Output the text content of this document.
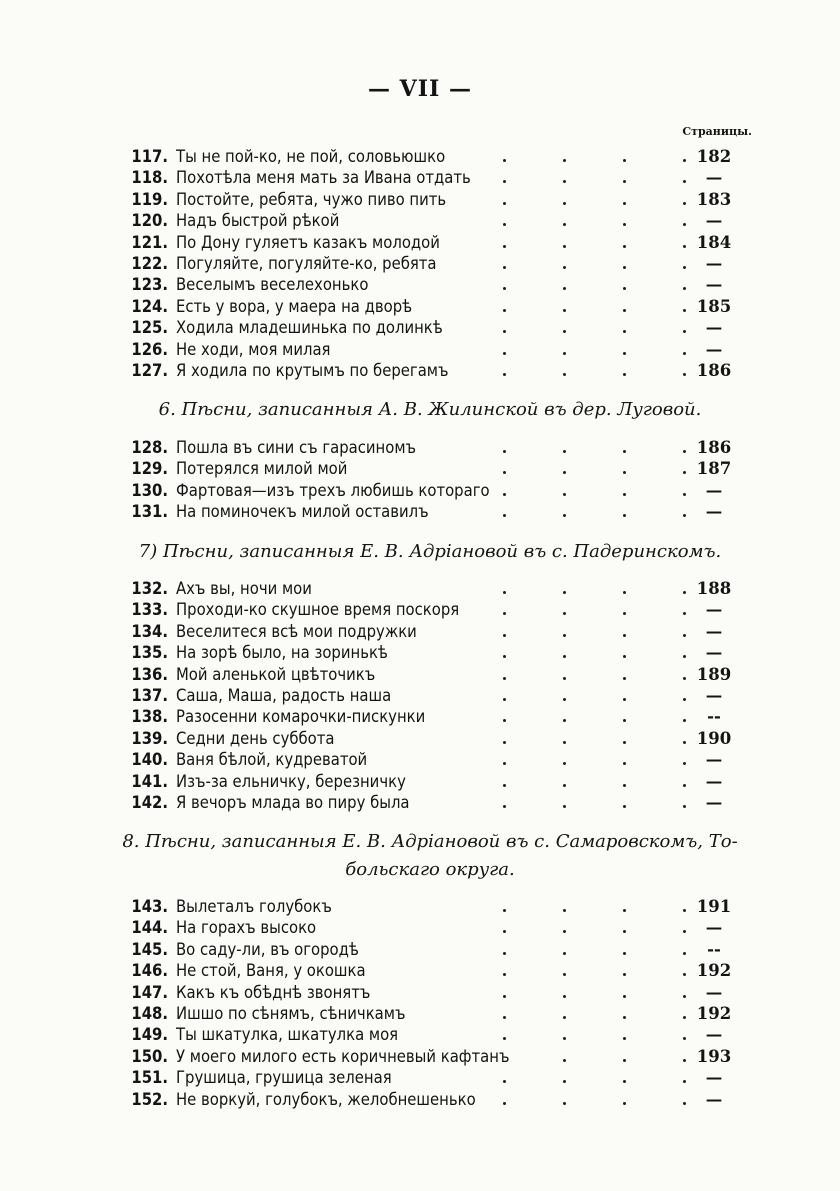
— VII —
Страницы.
117. Ты не пой-ко, не пой, соловьюшко	182
118. Похотѣла меня мать за Ивана отдать	—
119. Постойте, ребята, чужо пиво пить	183
120. Надъ быстрой рѣкой	—
121. По Дону гуляетъ казакъ молодой	184
122. Погуляйте, погуляйте-ко, ребята	—
123. Веселымъ веселехонько	—
124. Есть у вора, у маера на дворѣ	185
125. Ходила младешинька по долинкѣ	—
126. Не ходи, моя милая	—
127. Я ходила по крутымъ по берегамъ	186
6. Пѣсни, записанныя А. В. Жилинской въ дер. Луговой.
128. Пошла въ сини съ гарасиномъ	186
129. Потерялся милой мой	187
130. Фартовая—изъ трехъ любишь котораго	—
131. На поминочекъ милой оставилъ	—
7) Пѣсни, записанныя Е. В. Адріановой въ с. Падеринскомъ.
132. Ахъ вы, ночи мои	188
133. Проходи-ко скушное время поскоря	—
134. Веселитеся всѣ мои подружки	—
135. На зорѣ было, на зоринькѣ	—
136. Мой аленькой цвѣточикъ	189
137. Саша, Маша, радость наша	—
138. Разосенни комарочки-пискунки	--
139. Седни день суббота	190
140. Ваня бѣлой, кудреватой	—
141. Изъ-за ельничку, березничку	—
142. Я вечоръ млада во пиру была	—
8. Пѣсни, записанныя Е. В. Адріановой въ с. Самаровскомъ, То-
больскаго округа.
143. Вылеталъ голубокъ	191
144. На горахъ высоко	—
145. Во саду-ли, въ огородѣ	--
146. Не стой, Ваня, у окошка	192
147. Какъ къ обѣднѣ звонятъ	—
148. Ишшо по сѣнямъ, сѣничкамъ	192
149. Ты шкатулка, шкатулка моя	—
150. У моего милого есть коричневый кафтанъ	193
151. Грушица, грушица зеленая	—
152. Не воркуй, голубокъ, желобнешенько	—
